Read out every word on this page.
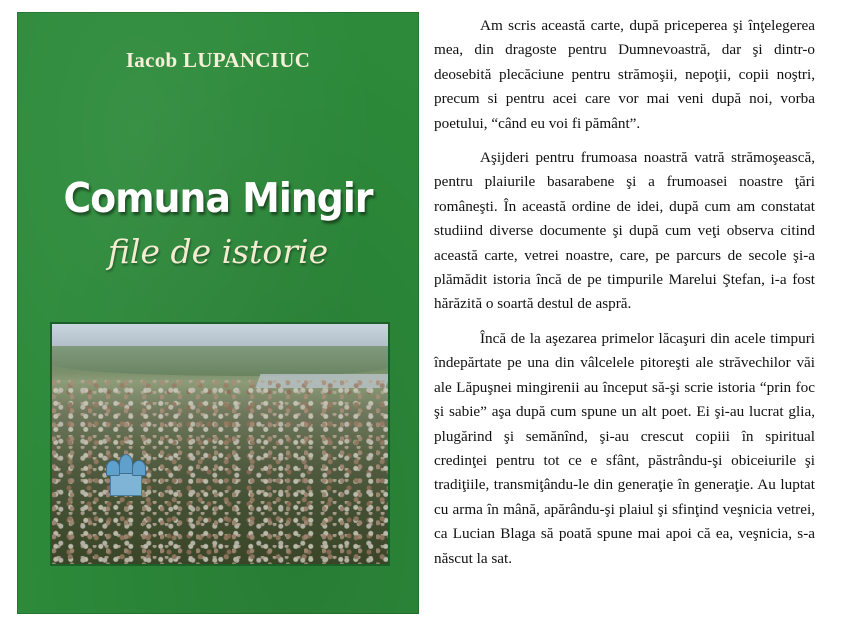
Iacob LUPANCIUC
Comuna Mingir
file de istorie

Am scris această carte, după priceperea şi înţelegerea mea, din dragoste pentru Dumnevoastră, dar şi dintr-o deosebită plecăciune pentru strămoşii, nepoţii, copii noştri, precum si pentru acei care vor mai veni după noi, vorba poetului, “când eu voi fi pământ”.

Aşijderi pentru frumoasa noastră vatră strămoşească, pentru plaiurile basarabene şi a frumoasei noastre ţări româneşti. În această ordine de idei, după cum am constatat studiind diverse documente şi după cum veţi observa citind această carte, vetrei noastre, care, pe parcurs de secole şi-a plămădit istoria încă de pe timpurile Marelui Ştefan, i-a fost hărăzită o soartă destul de aspră.

Încă de la aşezarea primelor lăcaşuri din acele timpuri îndepărtate pe una din vâlcelele pitoreşti ale străvechilor văi ale Lăpuşnei mingirenii au început să-şi scrie istoria “prin foc şi sabie” aşa după cum spune un alt poet. Ei şi-au lucrat glia, plugărind şi semănînd, şi-au crescut copiii în spiritual credinţei pentru tot ce e sfânt, păstrându-şi obiceiurile şi tradiţiile, transmiţându-le din generaţie în generaţie. Au luptat cu arma în mână, apărându-şi plaiul şi sfinţind veşnicia vetrei, ca Lucian Blaga să poată spune mai apoi că ea, veşnicia, s-a născut la sat.
